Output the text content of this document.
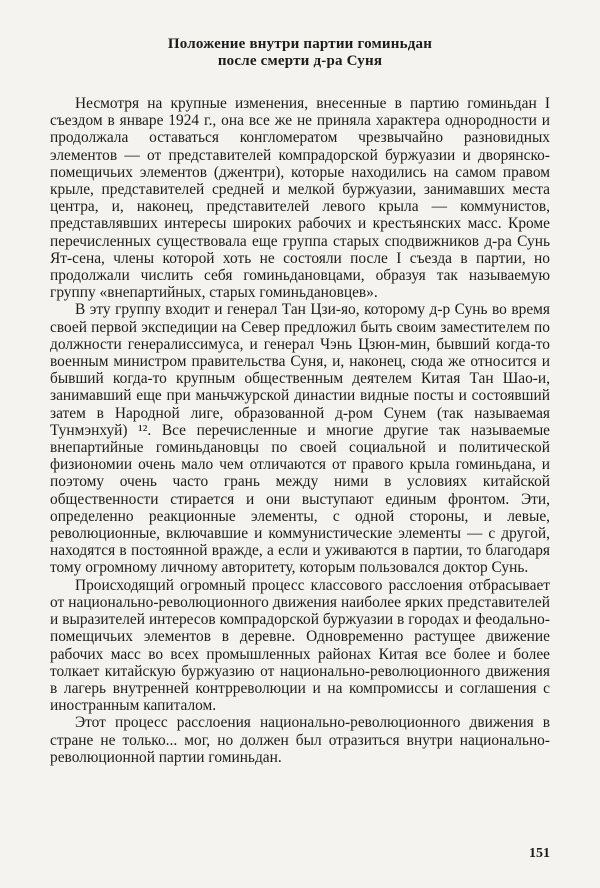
Положение внутри партии гоминьдан
после смерти д-ра Суня

Несмотря на крупные изменения, внесенные в партию гоминьдан I съездом в январе 1924 г., она все же не приняла характера однородности и продолжала оставаться конгломератом чрезвычайно разновидных элементов — от представителей компрадорской буржуазии и дворянско-помещичьих элементов (джентри), которые находились на самом правом крыле, представителей средней и мелкой буржуазии, занимавших места центра, и, наконец, представителей левого крыла — коммунистов, представлявших интересы широких рабочих и крестьянских масс. Кроме перечисленных существовала еще группа старых сподвижников д-ра Сунь Ят-сена, члены которой хоть не состояли после I съезда в партии, но продолжали числить себя гоминьдановцами, образуя так называемую группу «внепартийных, старых гоминьдановцев».

В эту группу входит и генерал Тан Цзи-яо, которому д-р Сунь во время своей первой экспедиции на Север предложил быть своим заместителем по должности генералиссимуса, и генерал Чэнь Цзюн-мин, бывший когда-то военным министром правительства Суня, и, наконец, сюда же относится и бывший когда-то крупным общественным деятелем Китая Тан Шао-и, занимавший еще при маньчжурской династии видные посты и состоявший затем в Народной лиге, образованной д-ром Сунем (так называемая Тунмэнхуй) ¹². Все перечисленные и многие другие так называемые внепартийные гоминьдановцы по своей социальной и политической физиономии очень мало чем отличаются от правого крыла гоминьдана, и поэтому очень часто грань между ними в условиях китайской общественности стирается и они выступают единым фронтом. Эти, определенно реакционные элементы, с одной стороны, и левые, революционные, включавшие и коммунистические элементы — с другой, находятся в постоянной вражде, а если и уживаются в партии, то благодаря тому огромному личному авторитету, которым пользовался доктор Сунь.

Происходящий огромный процесс классового расслоения отбрасывает от национально-революционного движения наиболее ярких представителей и выразителей интересов компрадорской буржуазии в городах и феодально-помещичьих элементов в деревне. Одновременно растущее движение рабочих масс во всех промышленных районах Китая все более и более толкает китайскую буржуазию от национально-революционного движения в лагерь внутренней контрреволюции и на компромиссы и соглашения с иностранным капиталом.

Этот процесс расслоения национально-революционного движения в стране не только... мог, но должен был отразиться внутри национально-революционной партии гоминьдан.

151
